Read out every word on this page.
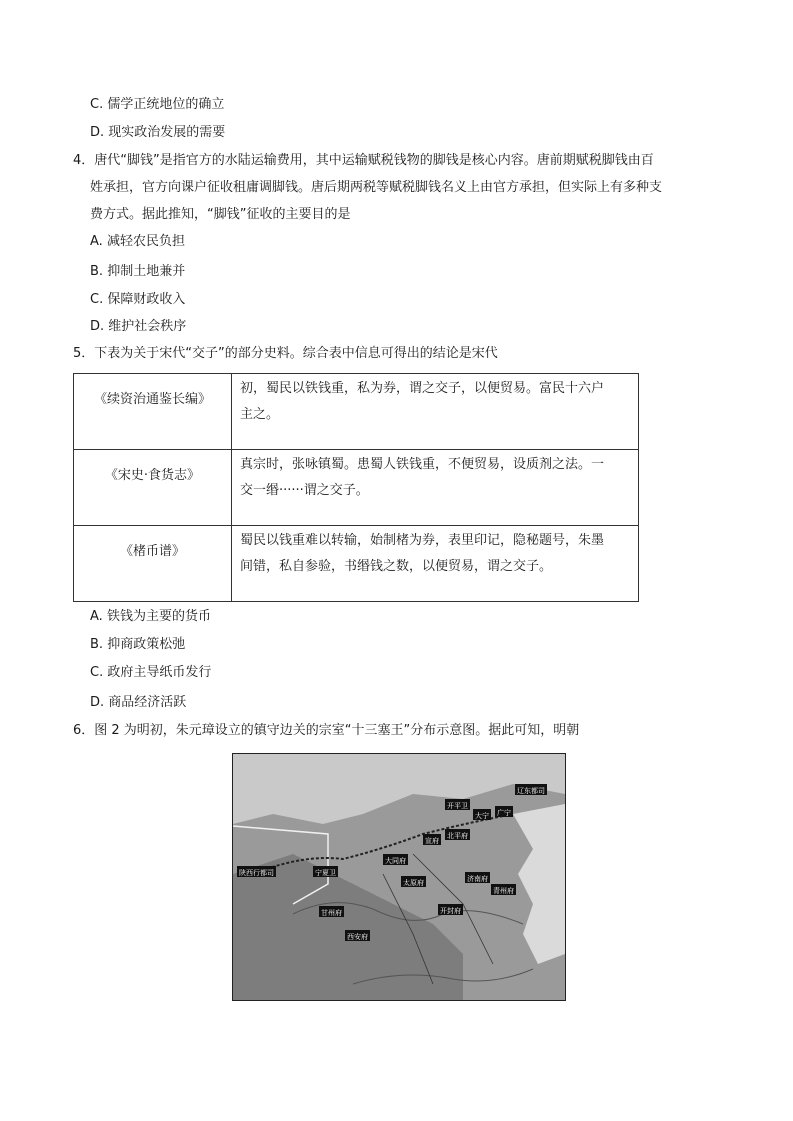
C. 儒学正统地位的确立
D. 现实政治发展的需要
4．唐代“脚钱”是指官方的水陆运输费用，其中运输赋税钱物的脚钱是核心内容。唐前期赋税脚钱由百
姓承担，官方向课户征收租庸调脚钱。唐后期两税等赋税脚钱名义上由官方承担，但实际上有多种支
费方式。据此推知，“脚钱”征收的主要目的是
A. 减轻农民负担
B. 抑制土地兼并
C. 保障财政收入
D. 维护社会秩序
5．下表为关于宋代“交子”的部分史料。综合表中信息可得出的结论是宋代
《续资治通鉴长编》	初，蜀民以铁钱重，私为券，谓之交子，以便贸易。富民十六户
主之。

《宋史·食货志》	真宗时，张咏镇蜀。患蜀人铁钱重，不便贸易，设质剂之法。一
交一缗······谓之交子。

《楮币谱》	蜀民以钱重难以转输，始制楮为券，表里印记，隐秘题号，朱墨
间错，私自参验，书缗钱之数，以便贸易，谓之交子。
A. 铁钱为主要的货币
B. 抑商政策松弛
C. 政府主导纸币发行
D. 商品经济活跃
6．图 2 为明初，朱元璋设立的镇守边关的宗室“十三塞王”分布示意图。据此可知，明朝
陕西行都司	宁夏卫
甘州府
西安府
太原府
大同府
北平府
大宁 广宁
开平卫
宣府
辽东都司
青州府
济南府
开封府
